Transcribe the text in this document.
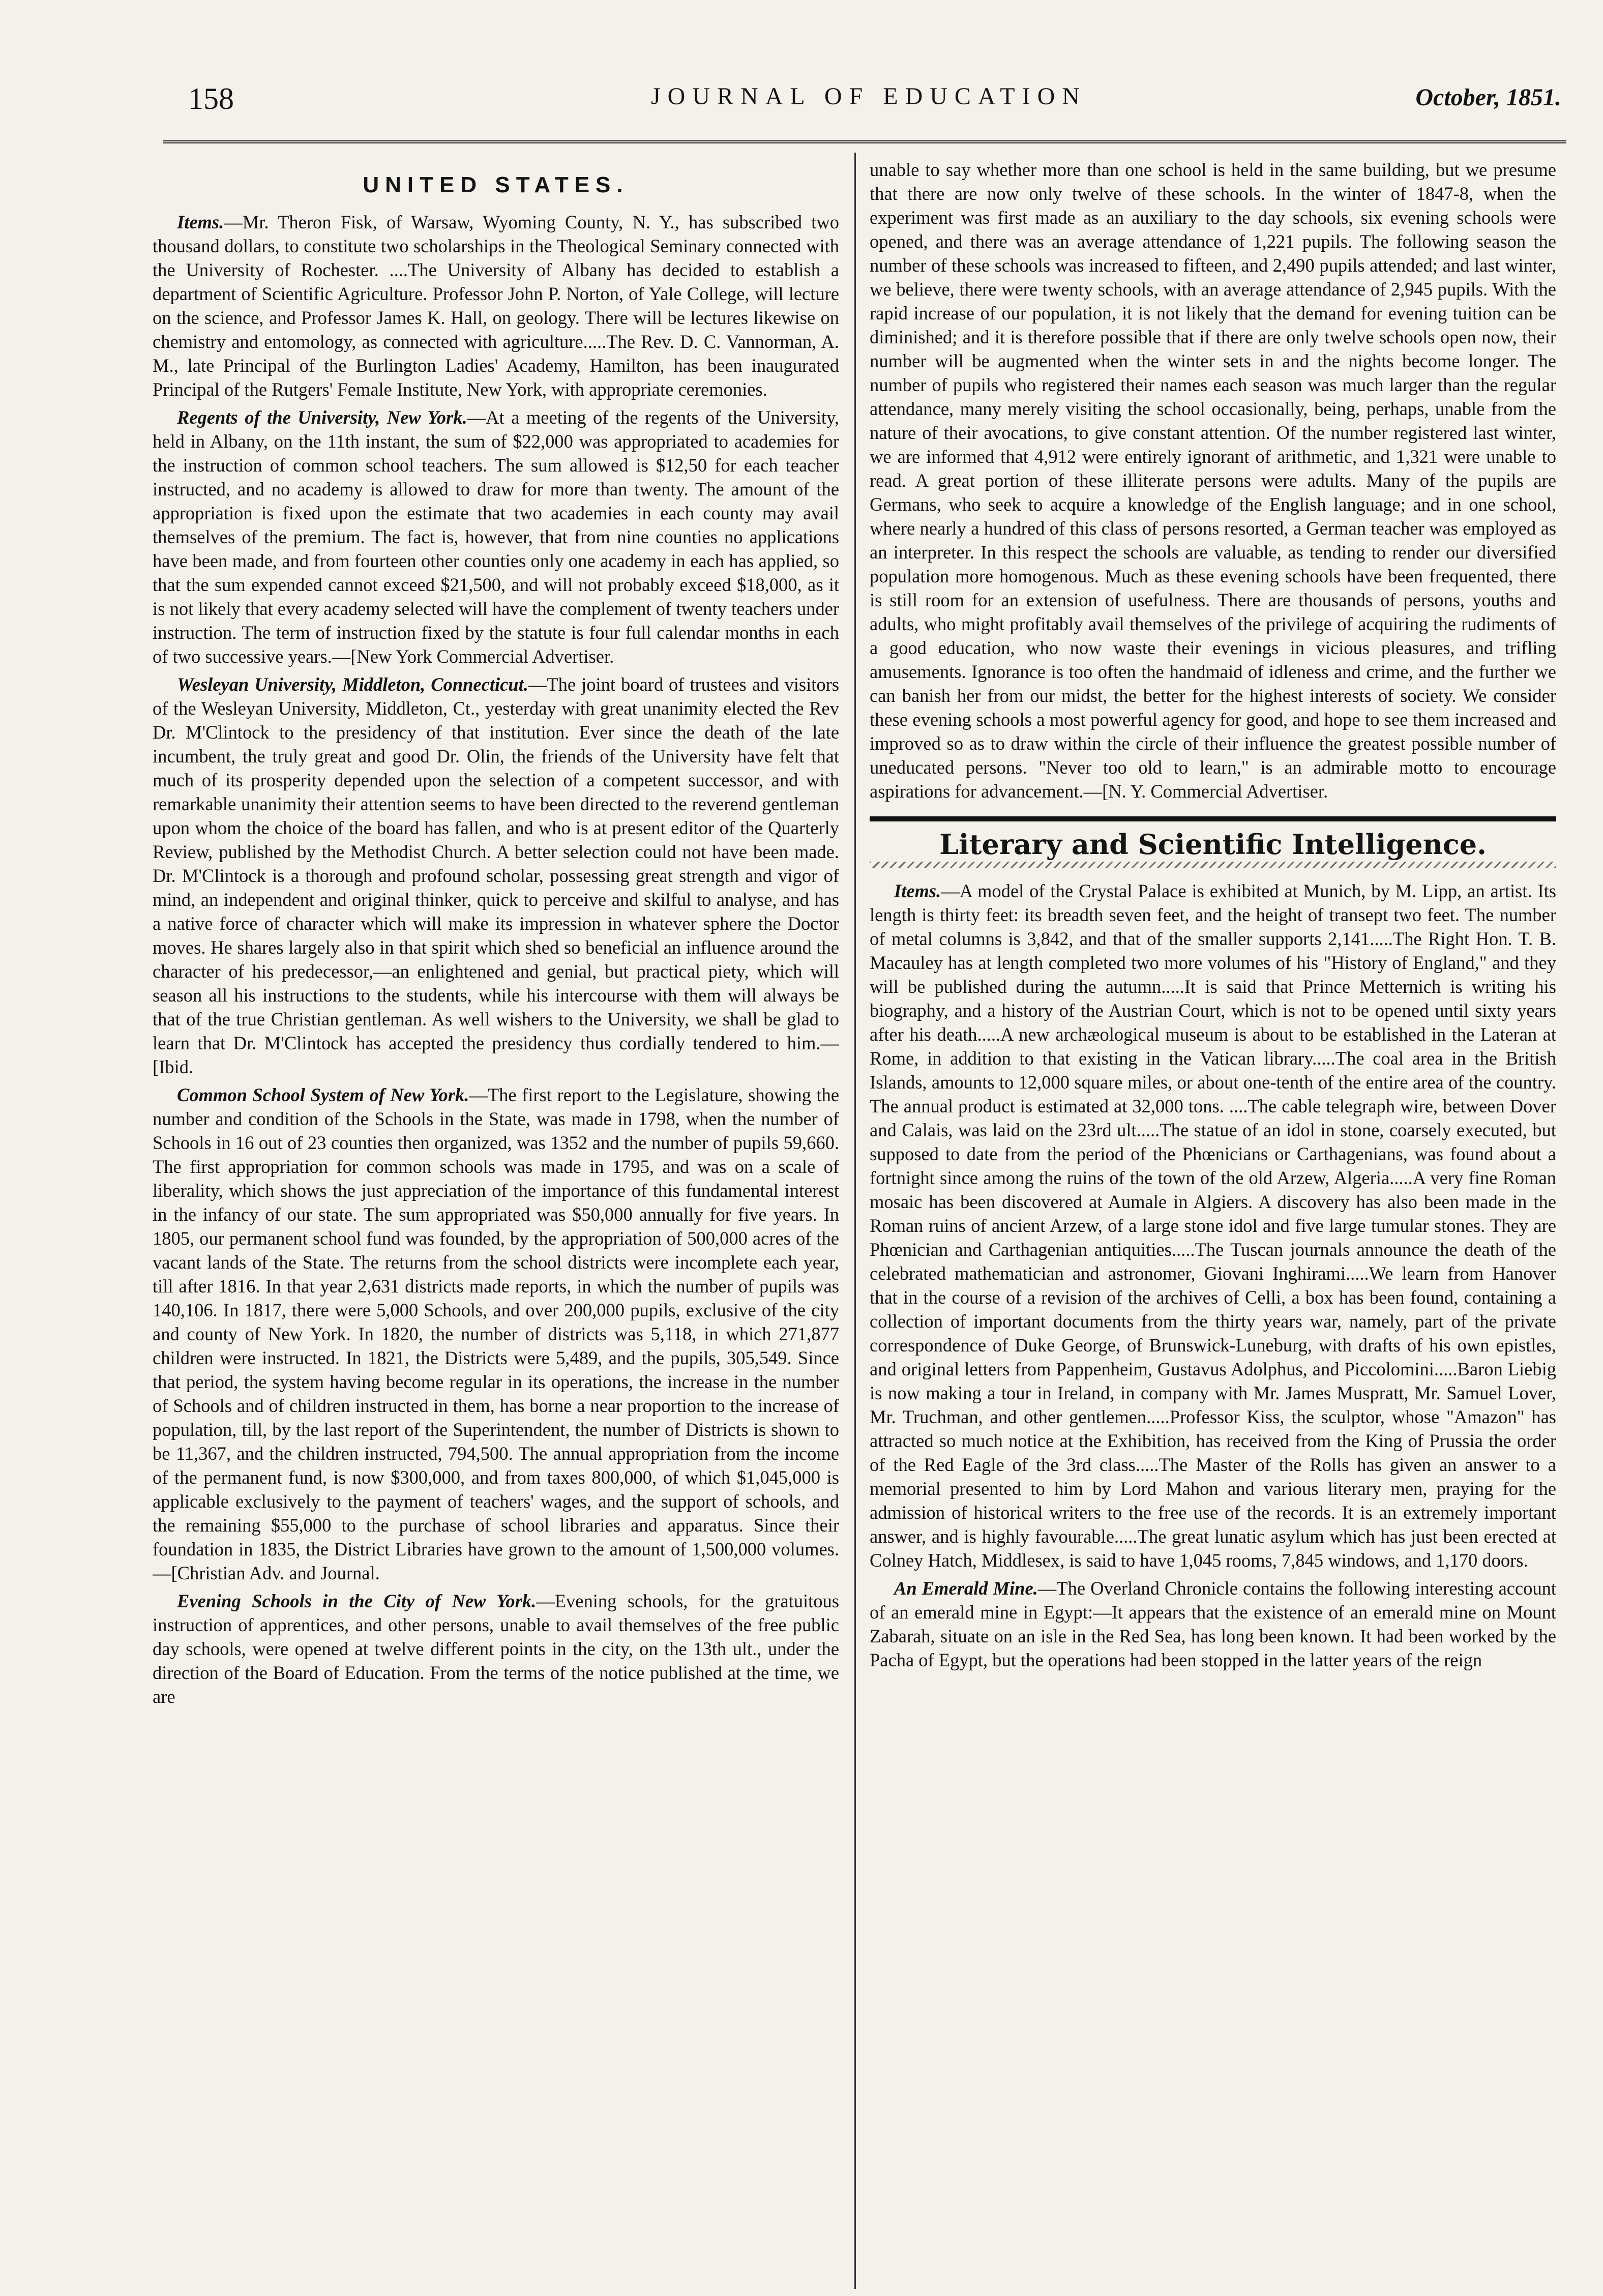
158	JOURNAL OF EDUCATION	October, 1851.
UNITED STATES.

Items.—Mr. Theron Fisk, of Warsaw, Wyoming County, N. Y., has subscribed two thousand dollars, to constitute two scholarships in the Theological Seminary connected with the University of Rochester. ....The University of Albany has decided to establish a department of Scientific Agriculture. Professor John P. Norton, of Yale College, will lecture on the science, and Professor James K. Hall, on geology. There will be lectures likewise on chemistry and entomology, as connected with agriculture.....The Rev. D. C. Vannorman, A. M., late Principal of the Burlington Ladies' Academy, Hamilton, has been inaugurated Principal of the Rutgers' Female Institute, New York, with appropriate ceremonies.

Regents of the University, New York.—At a meeting of the regents of the University, held in Albany, on the 11th instant, the sum of $22,000 was appropriated to academies for the instruction of common school teachers. The sum allowed is $12,50 for each teacher instructed, and no academy is allowed to draw for more than twenty. The amount of the appropriation is fixed upon the estimate that two academies in each county may avail themselves of the premium. The fact is, however, that from nine counties no applications have been made, and from fourteen other counties only one academy in each has applied, so that the sum expended cannot exceed $21,500, and will not probably exceed $18,000, as it is not likely that every academy selected will have the complement of twenty teachers under instruction. The term of instruction fixed by the statute is four full calendar months in each of two successive years.—[New York Commercial Advertiser.

Wesleyan University, Middleton, Connecticut.—The joint board of trustees and visitors of the Wesleyan University, Middleton, Ct., yesterday with great unanimity elected the Rev Dr. M'Clintock to the presidency of that institution. Ever since the death of the late incumbent, the truly great and good Dr. Olin, the friends of the University have felt that much of its prosperity depended upon the selection of a competent successor, and with remarkable unanimity their attention seems to have been directed to the reverend gentleman upon whom the choice of the board has fallen, and who is at present editor of the Quarterly Review, published by the Methodist Church. A better selection could not have been made. Dr. M'Clintock is a thorough and profound scholar, possessing great strength and vigor of mind, an independent and original thinker, quick to perceive and skilful to analyse, and has a native force of character which will make its impression in whatever sphere the Doctor moves. He shares largely also in that spirit which shed so beneficial an influence around the character of his predecessor,—an enlightened and genial, but practical piety, which will season all his instructions to the students, while his intercourse with them will always be that of the true Christian gentleman. As well wishers to the University, we shall be glad to learn that Dr. M'Clintock has accepted the presidency thus cordially tendered to him.—[Ibid.

Common School System of New York.—The first report to the Legislature, showing the number and condition of the Schools in the State, was made in 1798, when the number of Schools in 16 out of 23 counties then organized, was 1352 and the number of pupils 59,660. The first appropriation for common schools was made in 1795, and was on a scale of liberality, which shows the just appreciation of the importance of this fundamental interest in the infancy of our state. The sum appropriated was $50,000 annually for five years. In 1805, our permanent school fund was founded, by the appropriation of 500,000 acres of the vacant lands of the State. The returns from the school districts were incomplete each year, till after 1816. In that year 2,631 districts made reports, in which the number of pupils was 140,106. In 1817, there were 5,000 Schools, and over 200,000 pupils, exclusive of the city and county of New York. In 1820, the number of districts was 5,118, in which 271,877 children were instructed. In 1821, the Districts were 5,489, and the pupils, 305,549. Since that period, the system having become regular in its operations, the increase in the number of Schools and of children instructed in them, has borne a near proportion to the increase of population, till, by the last report of the Superintendent, the number of Districts is shown to be 11,367, and the children instructed, 794,500. The annual appropriation from the income of the permanent fund, is now $300,000, and from taxes 800,000, of which $1,045,000 is applicable exclusively to the payment of teachers' wages, and the support of schools, and the remaining $55,000 to the purchase of school libraries and apparatus. Since their foundation in 1835, the District Libraries have grown to the amount of 1,500,000 volumes.—[Christian Adv. and Journal.

Evening Schools in the City of New York.—Evening schools, for the gratuitous instruction of apprentices, and other persons, unable to avail themselves of the free public day schools, were opened at twelve different points in the city, on the 13th ult., under the direction of the Board of Education. From the terms of the notice published at the time, we are

unable to say whether more than one school is held in the same building, but we presume that there are now only twelve of these schools. In the winter of 1847-8, when the experiment was first made as an auxiliary to the day schools, six evening schools were opened, and there was an average attendance of 1,221 pupils. The following season the number of these schools was increased to fifteen, and 2,490 pupils attended; and last winter, we believe, there were twenty schools, with an average attendance of 2,945 pupils. With the rapid increase of our population, it is not likely that the demand for evening tuition can be diminished; and it is therefore possible that if there are only twelve schools open now, their number will be augmented when the winter sets in and the nights become longer. The number of pupils who registered their names each season was much larger than the regular attendance, many merely visiting the school occasionally, being, perhaps, unable from the nature of their avocations, to give constant attention. Of the number registered last winter, we are informed that 4,912 were entirely ignorant of arithmetic, and 1,321 were unable to read. A great portion of these illiterate persons were adults. Many of the pupils are Germans, who seek to acquire a knowledge of the English language; and in one school, where nearly a hundred of this class of persons resorted, a German teacher was employed as an interpreter. In this respect the schools are valuable, as tending to render our diversified population more homogenous. Much as these evening schools have been frequented, there is still room for an extension of usefulness. There are thousands of persons, youths and adults, who might profitably avail themselves of the privilege of acquiring the rudiments of a good education, who now waste their evenings in vicious pleasures, and trifling amusements. Ignorance is too often the handmaid of idleness and crime, and the further we can banish her from our midst, the better for the highest interests of society. We consider these evening schools a most powerful agency for good, and hope to see them increased and improved so as to draw within the circle of their influence the greatest possible number of uneducated persons. "Never too old to learn," is an admirable motto to encourage aspirations for advancement.—[N. Y. Commercial Advertiser.

Literary and Scientific Intelligence.

Items.—A model of the Crystal Palace is exhibited at Munich, by M. Lipp, an artist. Its length is thirty feet: its breadth seven feet, and the height of transept two feet. The number of metal columns is 3,842, and that of the smaller supports 2,141.....The Right Hon. T. B. Macauley has at length completed two more volumes of his "History of England," and they will be published during the autumn.....It is said that Prince Metternich is writing his biography, and a history of the Austrian Court, which is not to be opened until sixty years after his death.....A new archæological museum is about to be established in the Lateran at Rome, in addition to that existing in the Vatican library.....The coal area in the British Islands, amounts to 12,000 square miles, or about one-tenth of the entire area of the country. The annual product is estimated at 32,000 tons. ....The cable telegraph wire, between Dover and Calais, was laid on the 23rd ult.....The statue of an idol in stone, coarsely executed, but supposed to date from the period of the Phœnicians or Carthagenians, was found about a fortnight since among the ruins of the town of the old Arzew, Algeria.....A very fine Roman mosaic has been discovered at Aumale in Algiers. A discovery has also been made in the Roman ruins of ancient Arzew, of a large stone idol and five large tumular stones. They are Phœnician and Carthagenian antiquities.....The Tuscan journals announce the death of the celebrated mathematician and astronomer, Giovani Inghirami.....We learn from Hanover that in the course of a revision of the archives of Celli, a box has been found, containing a collection of important documents from the thirty years war, namely, part of the private correspondence of Duke George, of Brunswick-Luneburg, with drafts of his own epistles, and original letters from Pappenheim, Gustavus Adolphus, and Piccolomini.....Baron Liebig is now making a tour in Ireland, in company with Mr. James Muspratt, Mr. Samuel Lover, Mr. Truchman, and other gentlemen.....Professor Kiss, the sculptor, whose "Amazon" has attracted so much notice at the Exhibition, has received from the King of Prussia the order of the Red Eagle of the 3rd class.....The Master of the Rolls has given an answer to a memorial presented to him by Lord Mahon and various literary men, praying for the admission of historical writers to the free use of the records. It is an extremely important answer, and is highly favourable.....The great lunatic asylum which has just been erected at Colney Hatch, Middlesex, is said to have 1,045 rooms, 7,845 windows, and 1,170 doors.

An Emerald Mine.—The Overland Chronicle contains the following interesting account of an emerald mine in Egypt:—It appears that the existence of an emerald mine on Mount Zabarah, situate on an isle in the Red Sea, has long been known. It had been worked by the Pacha of Egypt, but the operations had been stopped in the latter years of the reign
